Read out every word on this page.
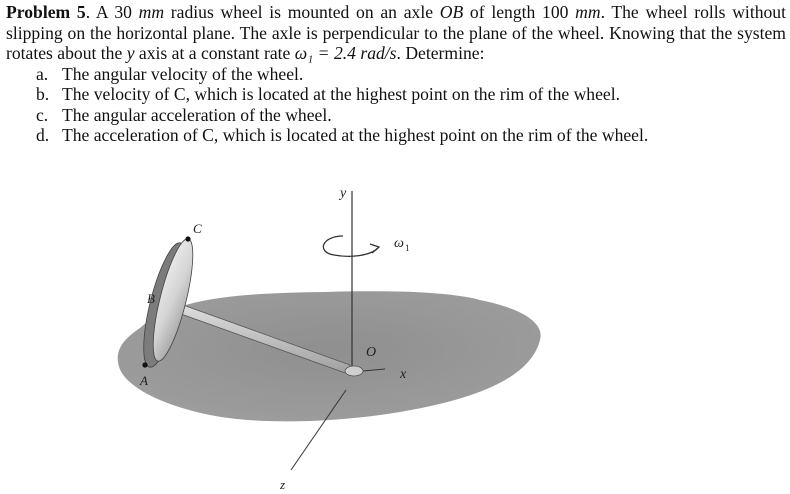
Problem 5. A 30 mm radius wheel is mounted on an axle OB of length 100 mm. The wheel rolls without slipping on the horizontal plane. The axle is perpendicular to the plane of the wheel. Knowing that the system rotates about the y axis at a constant rate ω₁ = 2.4 rad/s. Determine:
a. The angular velocity of the wheel.
b. The velocity of C, which is located at the highest point on the rim of the wheel.
c. The angular acceleration of the wheel.
d. The acceleration of C, which is located at the highest point on the rim of the wheel.
y
ω 1
C
B
O
A	x
z
